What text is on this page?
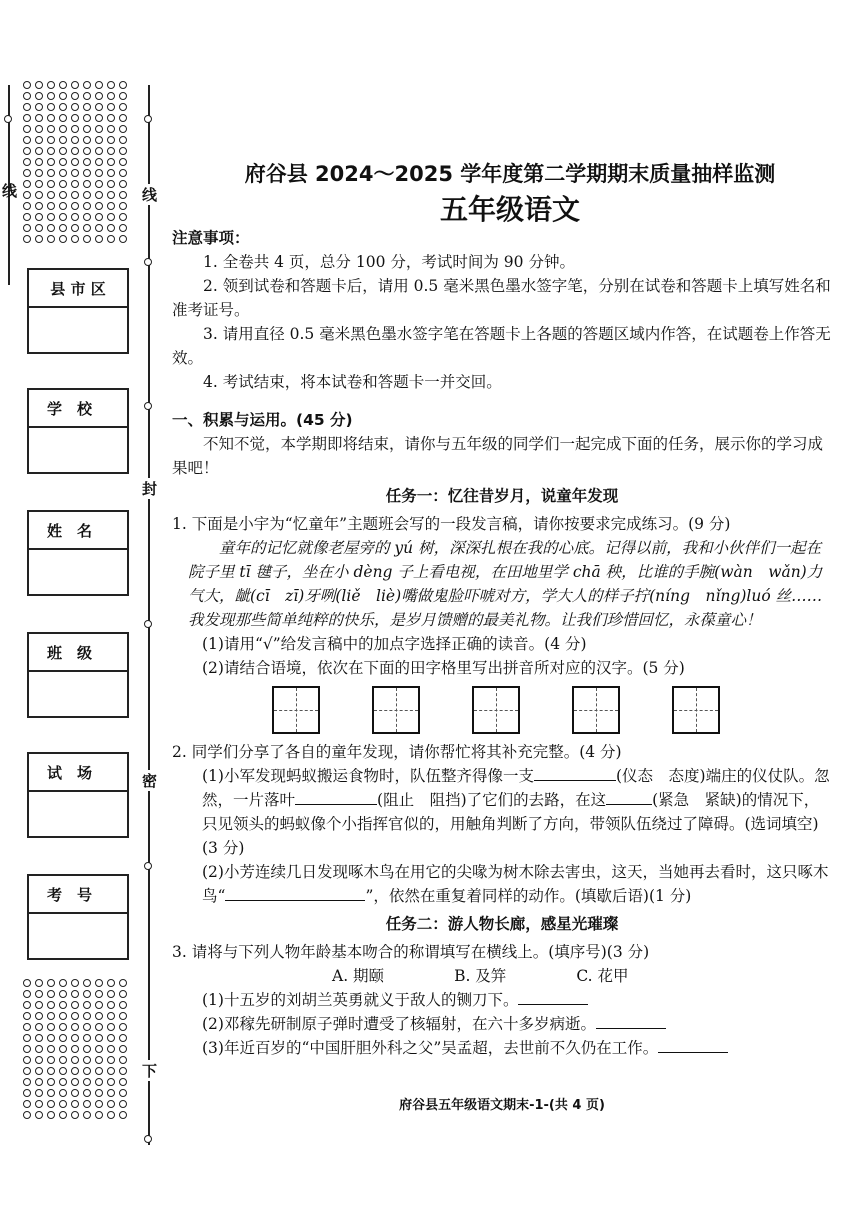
线	线
封
密
下
县 市 区
学　校
姓　名
班　级
试　场
考　号
府谷县 2024～2025 学年度第二学期期末质量抽样监测
五年级语文

注意事项：

1. 全卷共 4 页，总分 100 分，考试时间为 90 分钟。

2. 领到试卷和答题卡后，请用 0.5 毫米黑色墨水签字笔，分别在试卷和答题卡上填写姓名和准考证号。

3. 请用直径 0.5 毫米黑色墨水签字笔在答题卡上各题的答题区域内作答，在试题卷上作答无效。

4. 考试结束，将本试卷和答题卡一并交回。

一、积累与运用。(45 分)

不知不觉，本学期即将结束，请你与五年级的同学们一起完成下面的任务，展示你的学习成果吧！

任务一：忆往昔岁月，说童年发现

1. 下面是小宇为“忆童年”主题班会写的一段发言稿，请你按要求完成练习。(9 分)

童年的记忆就像老屋旁的 yú 树，深深扎根在我的心底。记得以前，我和小伙伴们一起在院子里 tī 毽子，坐在小 dèng 子上看电视，在田地里学 chā 秧，比谁的手腕(wàn　wǎn)力气大，龇(cī　zī)牙咧(liě　liè)嘴做鬼脸吓唬对方，学大人的样子拧(níng　nǐng)luó 丝……我发现那些简单纯粹的快乐，是岁月馈赠的最美礼物。让我们珍惜回忆，永葆童心！

(1)请用“√”给发言稿中的加点字选择正确的读音。(4 分)

(2)请结合语境，依次在下面的田字格里写出拼音所对应的汉字。(5 分)

2. 同学们分享了各自的童年发现，请你帮忙将其补充完整。(4 分)

(1)小军发现蚂蚁搬运食物时，队伍整齐得像一支	(仪态　态度)端庄的仪仗队。忽然，一片落叶	(阻止　阻挡)了它们的去路，在这	(紧急　紧缺)的情况下，只见领头的蚂蚁像个小指挥官似的，用触角判断了方向，带领队伍绕过了障碍。(选词填空)(3 分)

(2)小芳连续几日发现啄木鸟在用它的尖喙为树木除去害虫，这天，当她再去看时，这只啄木鸟“	”，依然在重复着同样的动作。(填歇后语)(1 分)

任务二：游人物长廊，感星光璀璨

3. 请将与下列人物年龄基本吻合的称谓填写在横线上。(填序号)(3 分)

A. 期颐	B. 及笄	C. 花甲

(1)十五岁的刘胡兰英勇就义于敌人的铡刀下。

(2)邓稼先研制原子弹时遭受了核辐射，在六十多岁病逝。

(3)年近百岁的“中国肝胆外科之父”吴孟超，去世前不久仍在工作。

府谷县五年级语文期末-1-(共 4 页)
